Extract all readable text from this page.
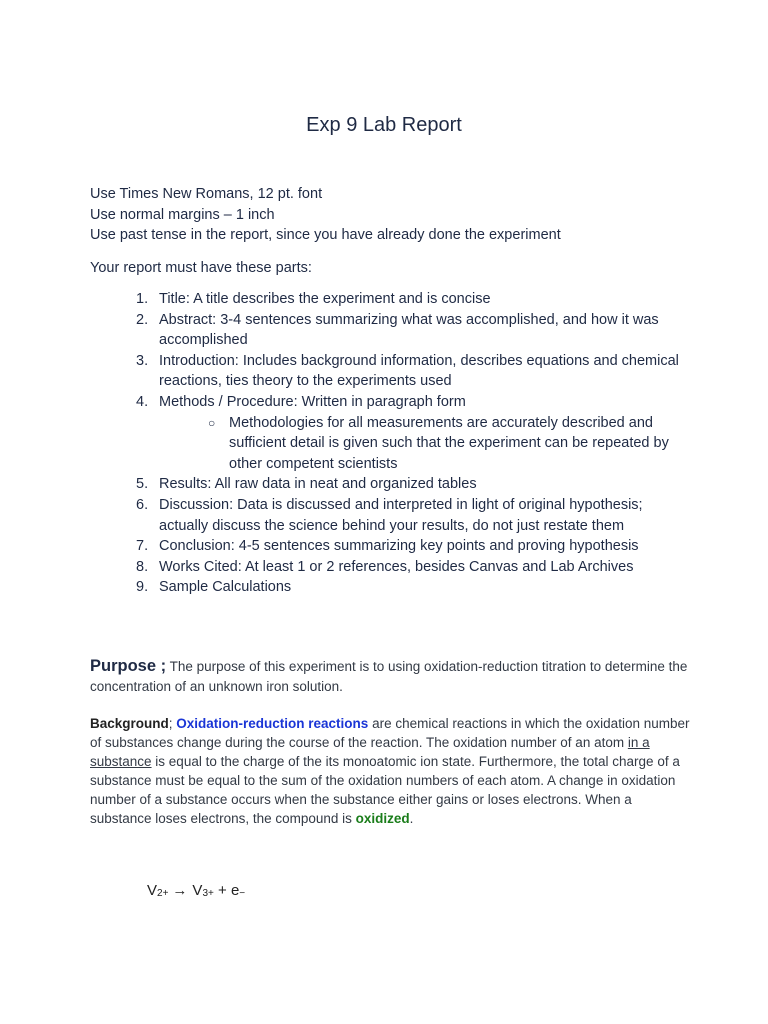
Exp 9 Lab Report
Use Times New Romans, 12 pt. font
Use normal margins – 1 inch
Use past tense in the report, since you have already done the experiment
Your report must have these parts:
1. Title: A title describes the experiment and is concise
2. Abstract: 3-4 sentences summarizing what was accomplished, and how it was accomplished
3. Introduction: Includes background information, describes equations and chemical reactions, ties theory to the experiments used
4. Methods / Procedure: Written in paragraph form
○ Methodologies for all measurements are accurately described and sufficient detail is given such that the experiment can be repeated by other competent scientists
5. Results: All raw data in neat and organized tables
6. Discussion: Data is discussed and interpreted in light of original hypothesis; actually discuss the science behind your results, do not just restate them
7. Conclusion: 4-5 sentences summarizing key points and proving hypothesis
8. Works Cited: At least 1 or 2 references, besides Canvas and Lab Archives
9. Sample Calculations

Purpose ; The purpose of this experiment is to using oxidation-reduction titration to determine the concentration of an unknown iron solution.

Background; Oxidation-reduction reactions are chemical reactions in which the oxidation number of substances change during the course of the reaction. The oxidation number of an atom in a substance is equal to the charge of the its monoatomic ion state. Furthermore, the total charge of a substance must be equal to the sum of the oxidation numbers of each atom. A change in oxidation number of a substance occurs when the substance either gains or loses electrons. When a substance loses electrons, the compound is oxidized.

$V_{2+} \to V_{3+} + e_-$
